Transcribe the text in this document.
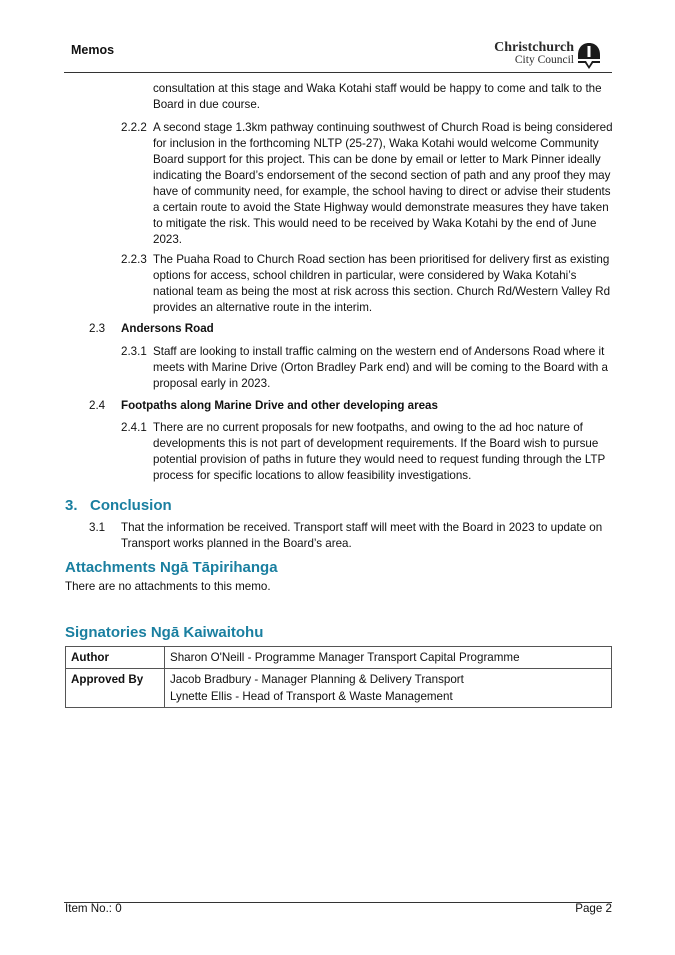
Memos	Christchurch
City Council
consultation at this stage and Waka Kotahi staff would be happy to come and talk to the Board in due course.
2.2.2 A second stage 1.3km pathway continuing southwest of Church Road is being considered for inclusion in the forthcoming NLTP (25-27), Waka Kotahi would welcome Community Board support for this project. This can be done by email or letter to Mark Pinner ideally indicating the Board’s endorsement of the second section of path and any proof they may have of community need, for example, the school having to direct or advise their students a certain route to avoid the State Highway would demonstrate measures they have taken to mitigate the risk. This would need to be received by Waka Kotahi by the end of June 2023.
2.2.3 The Puaha Road to Church Road section has been prioritised for delivery first as existing options for access, school children in particular, were considered by Waka Kotahi’s national team as being the most at risk across this section. Church Rd/Western Valley Rd provides an alternative route in the interim.
2.3 Andersons Road
2.3.1 Staff are looking to install traffic calming on the western end of Andersons Road where it meets with Marine Drive (Orton Bradley Park end) and will be coming to the Board with a proposal early in 2023.
2.4 Footpaths along Marine Drive and other developing areas
2.4.1 There are no current proposals for new footpaths, and owing to the ad hoc nature of developments this is not part of development requirements. If the Board wish to pursue potential provision of paths in future they would need to request funding through the LTP process for specific locations to allow feasibility investigations.
3. Conclusion
3.1 That the information be received. Transport staff will meet with the Board in 2023 to update on Transport works planned in the Board’s area.
Attachments Ngā Tāpirihanga
There are no attachments to this memo.
Signatories Ngā Kaiwaitohu
Author	Sharon O'Neill - Programme Manager Transport Capital Programme

Approved By	Jacob Bradbury - Manager Planning & Delivery Transport
Lynette Ellis - Head of Transport & Waste Management
Item No.: 0	Page 2
